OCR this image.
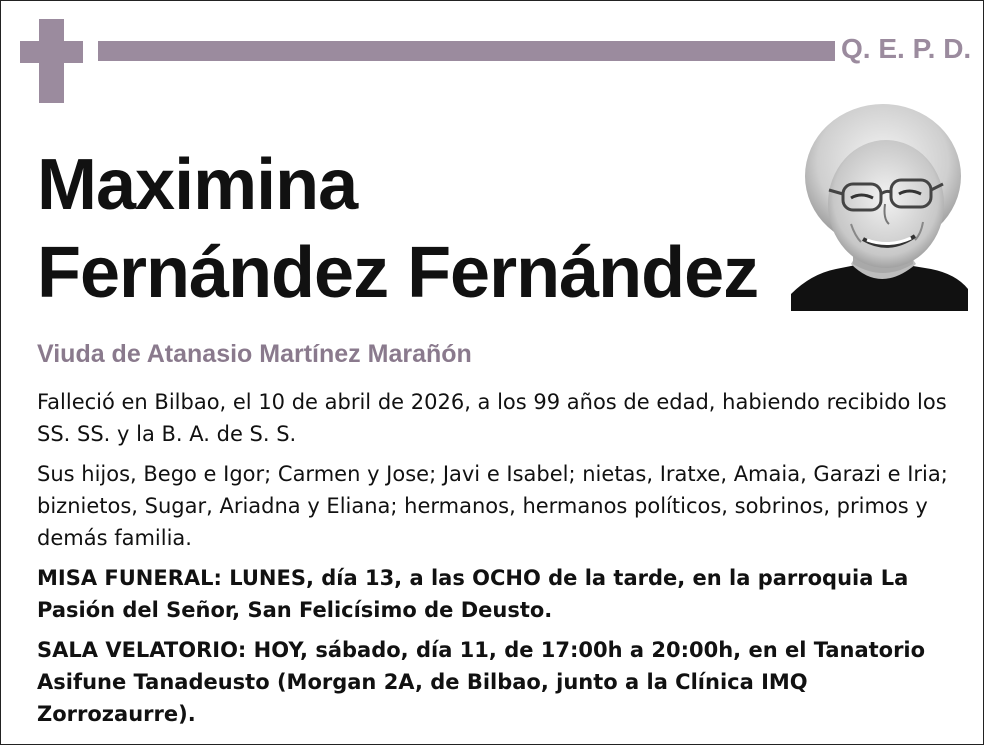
Q. E. P. D.
Maximina
Fernández Fernández
Viuda de Atanasio Martínez Marañón

Falleció en Bilbao, el 10 de abril de 2026, a los 99 años de edad, habiendo recibido los SS. SS. y la B. A. de S. S.

Sus hijos, Bego e Igor; Carmen y Jose; Javi e Isabel; nietas, Iratxe, Amaia, Garazi e Iria; biznietos, Sugar, Ariadna y Eliana; hermanos, hermanos políticos, sobrinos, primos y demás familia.

MISA FUNERAL: LUNES, día 13, a las OCHO de la tarde, en la parroquia La Pasión del Señor, San Felicísimo de Deusto.

SALA VELATORIO: HOY, sábado, día 11, de 17:00h a 20:00h, en el Tanatorio Asifune Tanadeusto (Morgan 2A, de Bilbao, junto a la Clínica IMQ Zorrozaurre).
